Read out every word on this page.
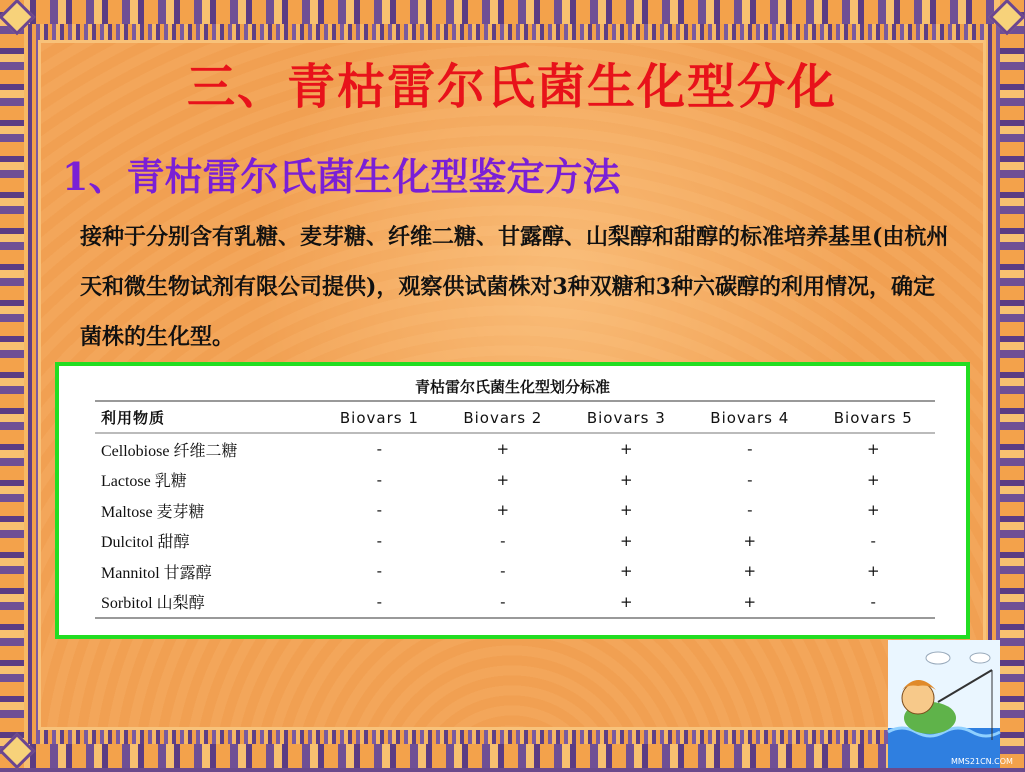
三、青枯雷尔氏菌生化型分化
1、青枯雷尔氏菌生化型鉴定方法

接种于分别含有乳糖、麦芽糖、纤维二糖、甘露醇、山梨醇和甜醇的标准培养基里(由杭州天和微生物试剂有限公司提供)，观察供试菌株对3种双糖和3种六碳醇的利用情况，确定菌株的生化型。

青枯雷尔氏菌生化型划分标准
利用物质	Biovars 1	Biovars 2	Biovars 3	Biovars 4	Biovars 5
Cellobiose 纤维二糖	-	+	+	-	+
Lactose 乳糖	-	+	+	-	+
Maltose 麦芽糖	-	+	+	-	+
Dulcitol 甜醇	-	-	+	+	-
Mannitol 甘露醇	-	-	+	+	+
Sorbitol 山梨醇	-	-	+	+	-
MMS21CN.COM
